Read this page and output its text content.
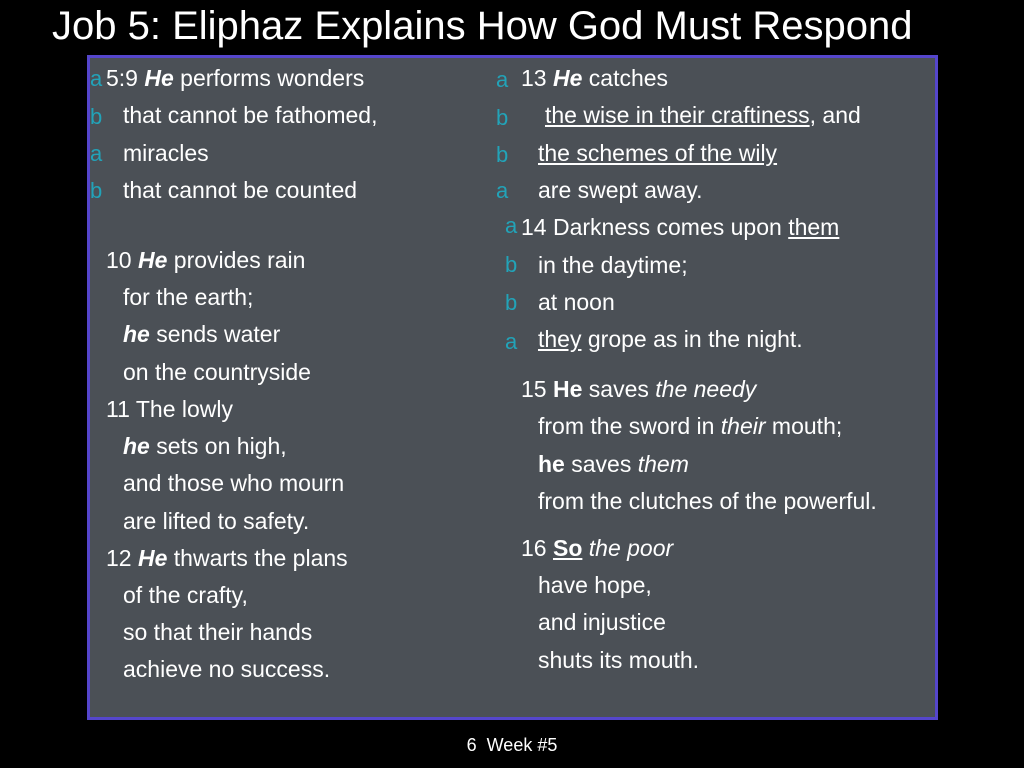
Job 5: Eliphaz Explains How God Must Respond
a
b
a
b
a
b
b
a
a
b
b
a
5:9 He performs wonders
that cannot be fathomed,
miracles
that cannot be counted
10 He provides rain
for the earth;
he sends water
on the countryside
11 The lowly
he sets on high,
and those who mourn
are lifted to safety.
12 He thwarts the plans
of the crafty,
so that their hands
achieve no success.
13 He catches
the wise in their craftiness, and
the schemes of the wily
are swept away.
14 Darkness comes upon them
in the daytime;
at noon
they grope as in the night.
15 He saves the needy
from the sword in their mouth;
he saves them
from the clutches of the powerful.
16 So the poor
have hope,
and injustice
shuts its mouth.
6 Week #5
